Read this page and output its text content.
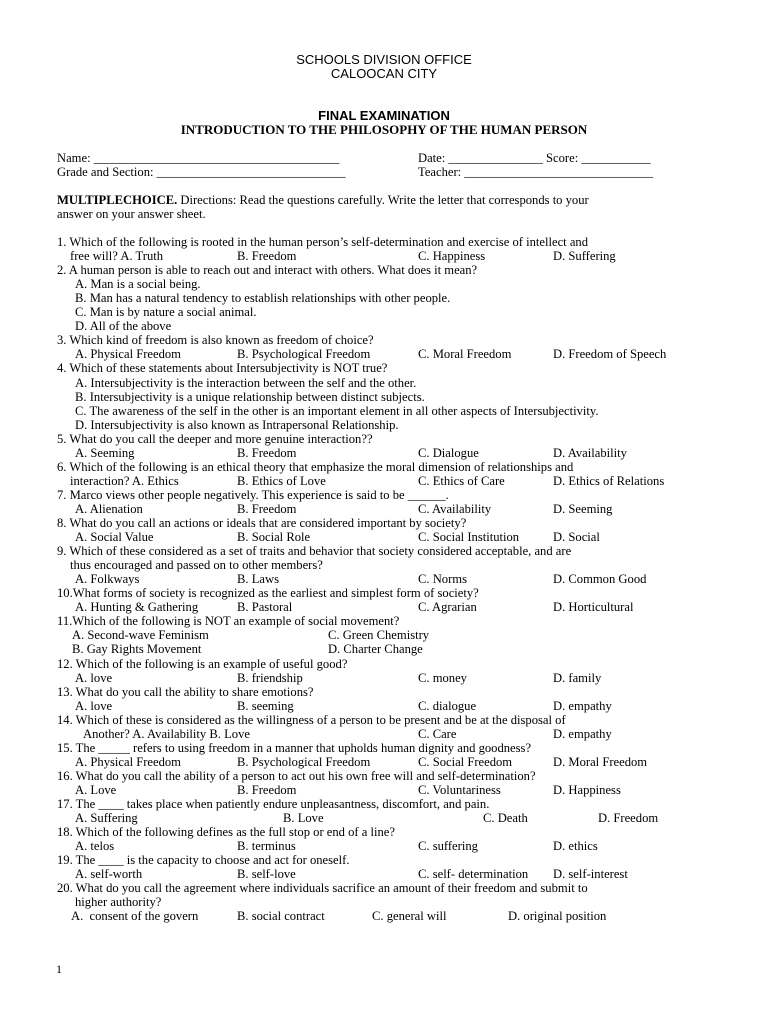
SCHOOLS DIVISION OFFICE
CALOOCAN CITY
FINAL EXAMINATION
INTRODUCTION TO THE PHILOSOPHY OF THE HUMAN PERSON
Name: _______________________________________	Date: _______________ Score: ___________
Grade and Section: ______________________________	Teacher: ______________________________
MULTIPLECHOICE. Directions: Read the questions carefully. Write the letter that corresponds to your
answer on your answer sheet.
1. Which of the following is rooted in the human person’s self-determination and exercise of intellect and
free will? A. Truth	B. Freedom	C. Happiness	D. Suffering
2. A human person is able to reach out and interact with others. What does it mean?
A. Man is a social being.
B. Man has a natural tendency to establish relationships with other people.
C. Man is by nature a social animal.
D. All of the above
3. Which kind of freedom is also known as freedom of choice?
A. Physical Freedom	B. Psychological Freedom	C. Moral Freedom	D. Freedom of Speech
4. Which of these statements about Intersubjectivity is NOT true?
A. Intersubjectivity is the interaction between the self and the other.
B. Intersubjectivity is a unique relationship between distinct subjects.
C. The awareness of the self in the other is an important element in all other aspects of Intersubjectivity.
D. Intersubjectivity is also known as Intrapersonal Relationship.
5. What do you call the deeper and more genuine interaction??
A. Seeming	B. Freedom	C. Dialogue	D. Availability
6. Which of the following is an ethical theory that emphasize the moral dimension of relationships and
interaction? A. Ethics	B. Ethics of Love	C. Ethics of Care	D. Ethics of Relations
7. Marco views other people negatively. This experience is said to be ______.
A. Alienation	B. Freedom	C. Availability	D. Seeming
8. What do you call an actions or ideals that are considered important by society?
A. Social Value	B. Social Role	C. Social Institution	D. Social
9. Which of these considered as a set of traits and behavior that society considered acceptable, and are
thus encouraged and passed on to other members?
A. Folkways	B. Laws	C. Norms	D. Common Good
10.What forms of society is recognized as the earliest and simplest form of society?
A. Hunting & Gathering	B. Pastoral	C. Agrarian	D. Horticultural
11.Which of the following is NOT an example of social movement?
A. Second-wave Feminism	C. Green Chemistry
B. Gay Rights Movement	D. Charter Change
12. Which of the following is an example of useful good?
A. love	B. friendship	C. money	D. family
13. What do you call the ability to share emotions?
A. love	B. seeming	C. dialogue	D. empathy
14. Which of these is considered as the willingness of a person to be present and be at the disposal of
Another? A. Availability B. Love	C. Care	D. empathy
15. The _____ refers to using freedom in a manner that upholds human dignity and goodness?
A. Physical Freedom	B. Psychological Freedom	C. Social Freedom	D. Moral Freedom
16. What do you call the ability of a person to act out his own free will and self-determination?
A. Love	B. Freedom	C. Voluntariness	D. Happiness
17. The ____ takes place when patiently endure unpleasantness, discomfort, and pain.
A. Suffering	B. Love	C. Death	D. Freedom
18. Which of the following defines as the full stop or end of a line?
A. telos	B. terminus	C. suffering	D. ethics
19. The ____ is the capacity to choose and act for oneself.
A. self-worth	B. self-love	C. self- determination D. self-interest
20. What do you call the agreement where individuals sacrifice an amount of their freedom and submit to
higher authority?
A.  consent of the govern	B. social contract	C. general will	D. original position
1
